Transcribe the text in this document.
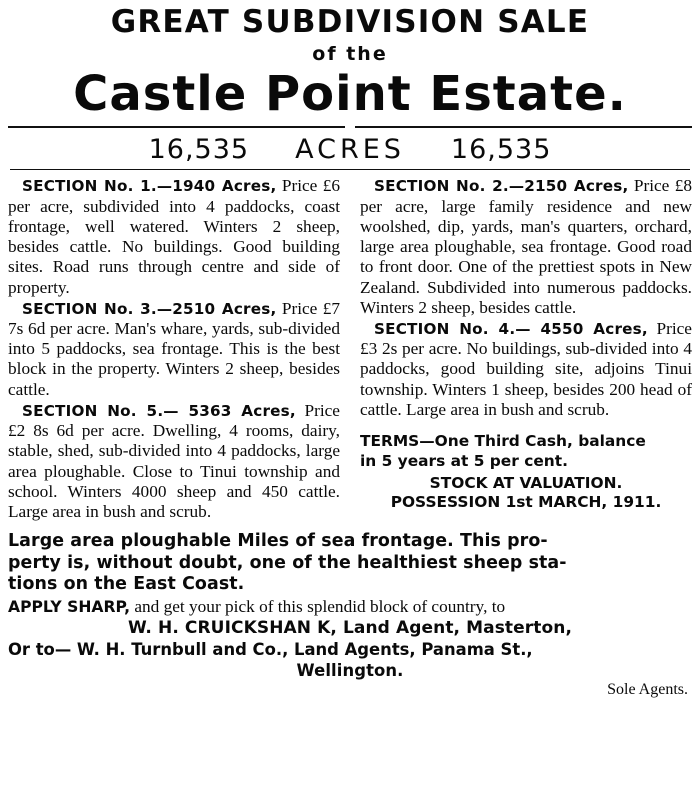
GREAT SUBDIVISION SALE
of the
Castle Point Estate.
16,535 ACRES 16,535

SECTION No. 1.—1940 Acres, Price £6 per acre, subdivided into 4 paddocks, coast frontage, well watered. Winters 2 sheep, besides cattle. No buildings. Good building sites. Road runs through centre and side of property.

SECTION No. 3.—2510 Acres, Price £7 7s 6d per acre. Man's whare, yards, sub-divided into 5 paddocks, sea frontage. This is the best block in the property. Winters 2 sheep, besides cattle.

SECTION No. 5.— 5363 Acres, Price £2 8s 6d per acre. Dwelling, 4 rooms, dairy, stable, shed, sub-divided into 4 paddocks, large area ploughable. Close to Tinui township and school. Winters 4000 sheep and 450 cattle. Large area in bush and scrub.

SECTION No. 2.—2150 Acres, Price £8 per acre, large family residence and new woolshed, dip, yards, man's quarters, orchard, large area ploughable, sea frontage. Good road to front door. One of the prettiest spots in New Zealand. Subdivided into numerous paddocks. Winters 2 sheep, besides cattle.

SECTION No. 4.— 4550 Acres, Price £3 2s per acre. No buildings, sub-divided into 4 paddocks, good building site, adjoins Tinui township. Winters 1 sheep, besides 200 head of cattle. Large area in bush and scrub.

TERMS—One Third Cash, balance
in 5 years at 5 per cent.
STOCK AT VALUATION.
POSSESSION 1st MARCH, 1911.
Large area ploughable Miles of sea frontage. This pro-
perty is, without doubt, one of the healthiest sheep sta-
tions on the East Coast.
APPLY SHARP, and get your pick of this splendid block of country, to
W. H. CRUICKSHAN K, Land Agent, Masterton,
Or to— W. H. Turnbull and Co., Land Agents, Panama St.,
Wellington.
Sole Agents.
